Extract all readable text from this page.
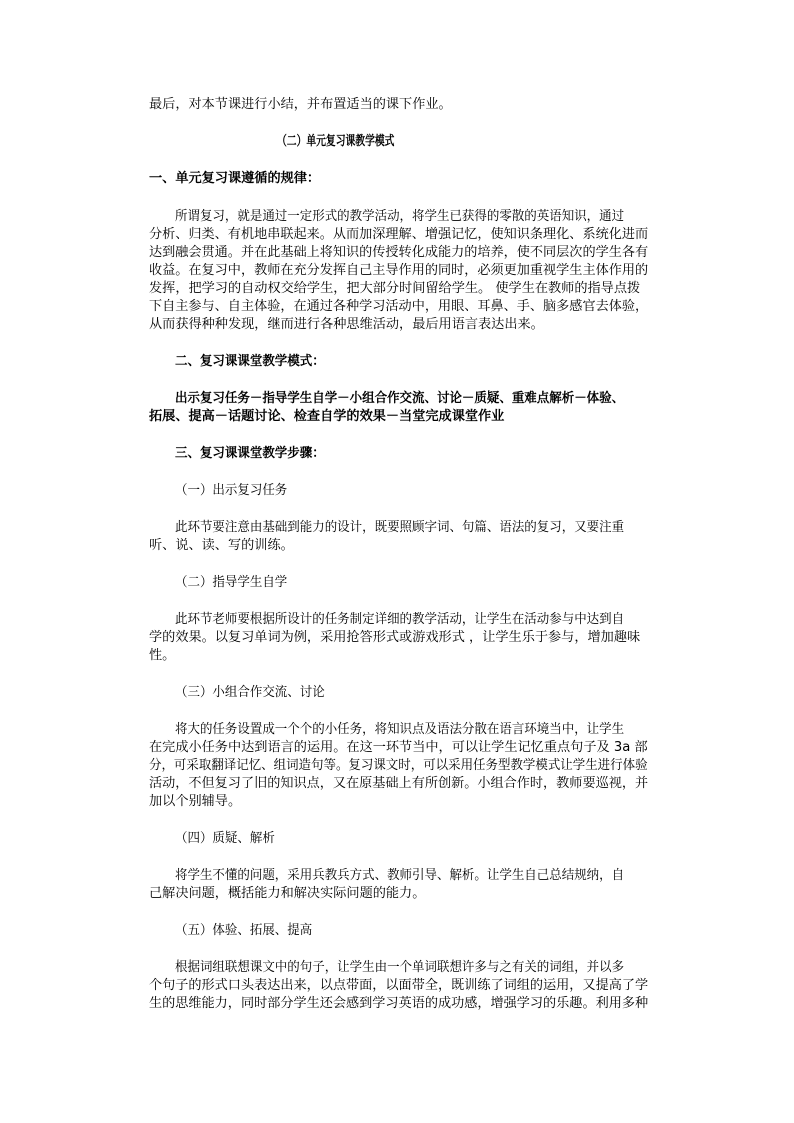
最后，对本节课进行小结，并布置适当的课下作业。

（二）单元复习课教学模式

一、单元复习课遵循的规律：

所谓复习，就是通过一定形式的教学活动，将学生已获得的零散的英语知识，通过

分析、归类、有机地串联起来。从而加深理解、增强记忆，使知识条理化、系统化进而

达到融会贯通。并在此基础上将知识的传授转化成能力的培养，使不同层次的学生各有

收益。在复习中，教师在充分发挥自己主导作用的同时，必须更加重视学生主体作用的

发挥，把学习的自动权交给学生，把大部分时间留给学生。 使学生在教师的指导点拨

下自主参与、自主体验，在通过各种学习活动中，用眼、耳鼻、手、脑多感官去体验，

从而获得种种发现，继而进行各种思维活动，最后用语言表达出来。

二、复习课课堂教学模式：

出示复习任务－指导学生自学－小组合作交流、讨论－质疑、重难点解析－体验、

拓展、提高－话题讨论、检查自学的效果－当堂完成课堂作业

三、复习课课堂教学步骤：

（一）出示复习任务

此环节要注意由基础到能力的设计，既要照顾字词、句篇、语法的复习，又要注重

听、说、读、写的训练。

（二）指导学生自学

此环节老师要根据所设计的任务制定详细的教学活动，让学生在活动参与中达到自

学的效果。以复习单词为例，采用抢答形式或游戏形式 ，让学生乐于参与，增加趣味

性。

（三）小组合作交流、讨论

将大的任务设置成一个个的小任务，将知识点及语法分散在语言环境当中，让学生

在完成小任务中达到语言的运用。在这一环节当中，可以让学生记忆重点句子及 3a 部

分，可采取翻译记忆、组词造句等。复习课文时，可以采用任务型教学模式让学生进行体验

活动，不但复习了旧的知识点，又在原基础上有所创新。小组合作时，教师要巡视，并

加以个别辅导。

（四）质疑、解析

将学生不懂的问题，采用兵教兵方式、教师引导、解析。让学生自己总结规纳，自

己解决问题，概括能力和解决实际问题的能力。

（五）体验、拓展、提高

根据词组联想课文中的句子，让学生由一个单词联想许多与之有关的词组，并以多

个句子的形式口头表达出来，以点带面，以面带全，既训练了词组的运用，又提高了学

生的思维能力，同时部分学生还会感到学习英语的成功感，增强学习的乐趣。利用多种
